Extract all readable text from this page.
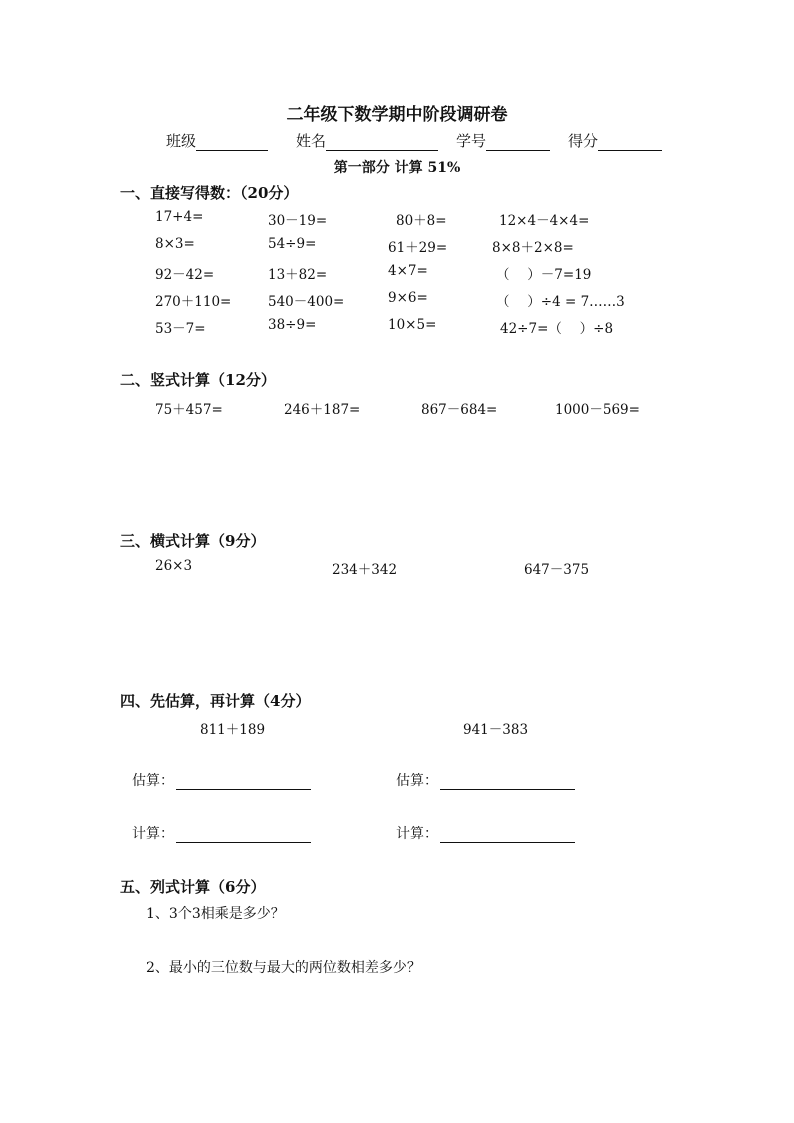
二年级下数学期中阶段调研卷
班级	姓名	学号	得分
第一部分 计算 51%
一、直接写得数：（20分）
17+4=	30－19=	80＋8=	12×4－4×4=
8×3=	54÷9=	61＋29=	8×8＋2×8=
92－42=	13＋82=	4×7=	（　 ）－7=19
270＋110=	540－400=	9×6=	（　 ）÷4 = 7……3
53－7=	38÷9=	10×5=	42÷7=（　 ）÷8
二、竖式计算（12分）
75＋457=	246＋187=	867－684=	1000－569=
三、横式计算（9分）
26×3	234＋342	647－375
四、先估算，再计算（4分）
811＋189	941－383
估算：	估算：
计算：	计算：
五、列式计算（6分）
1、3个3相乘是多少？
2、最小的三位数与最大的两位数相差多少？
